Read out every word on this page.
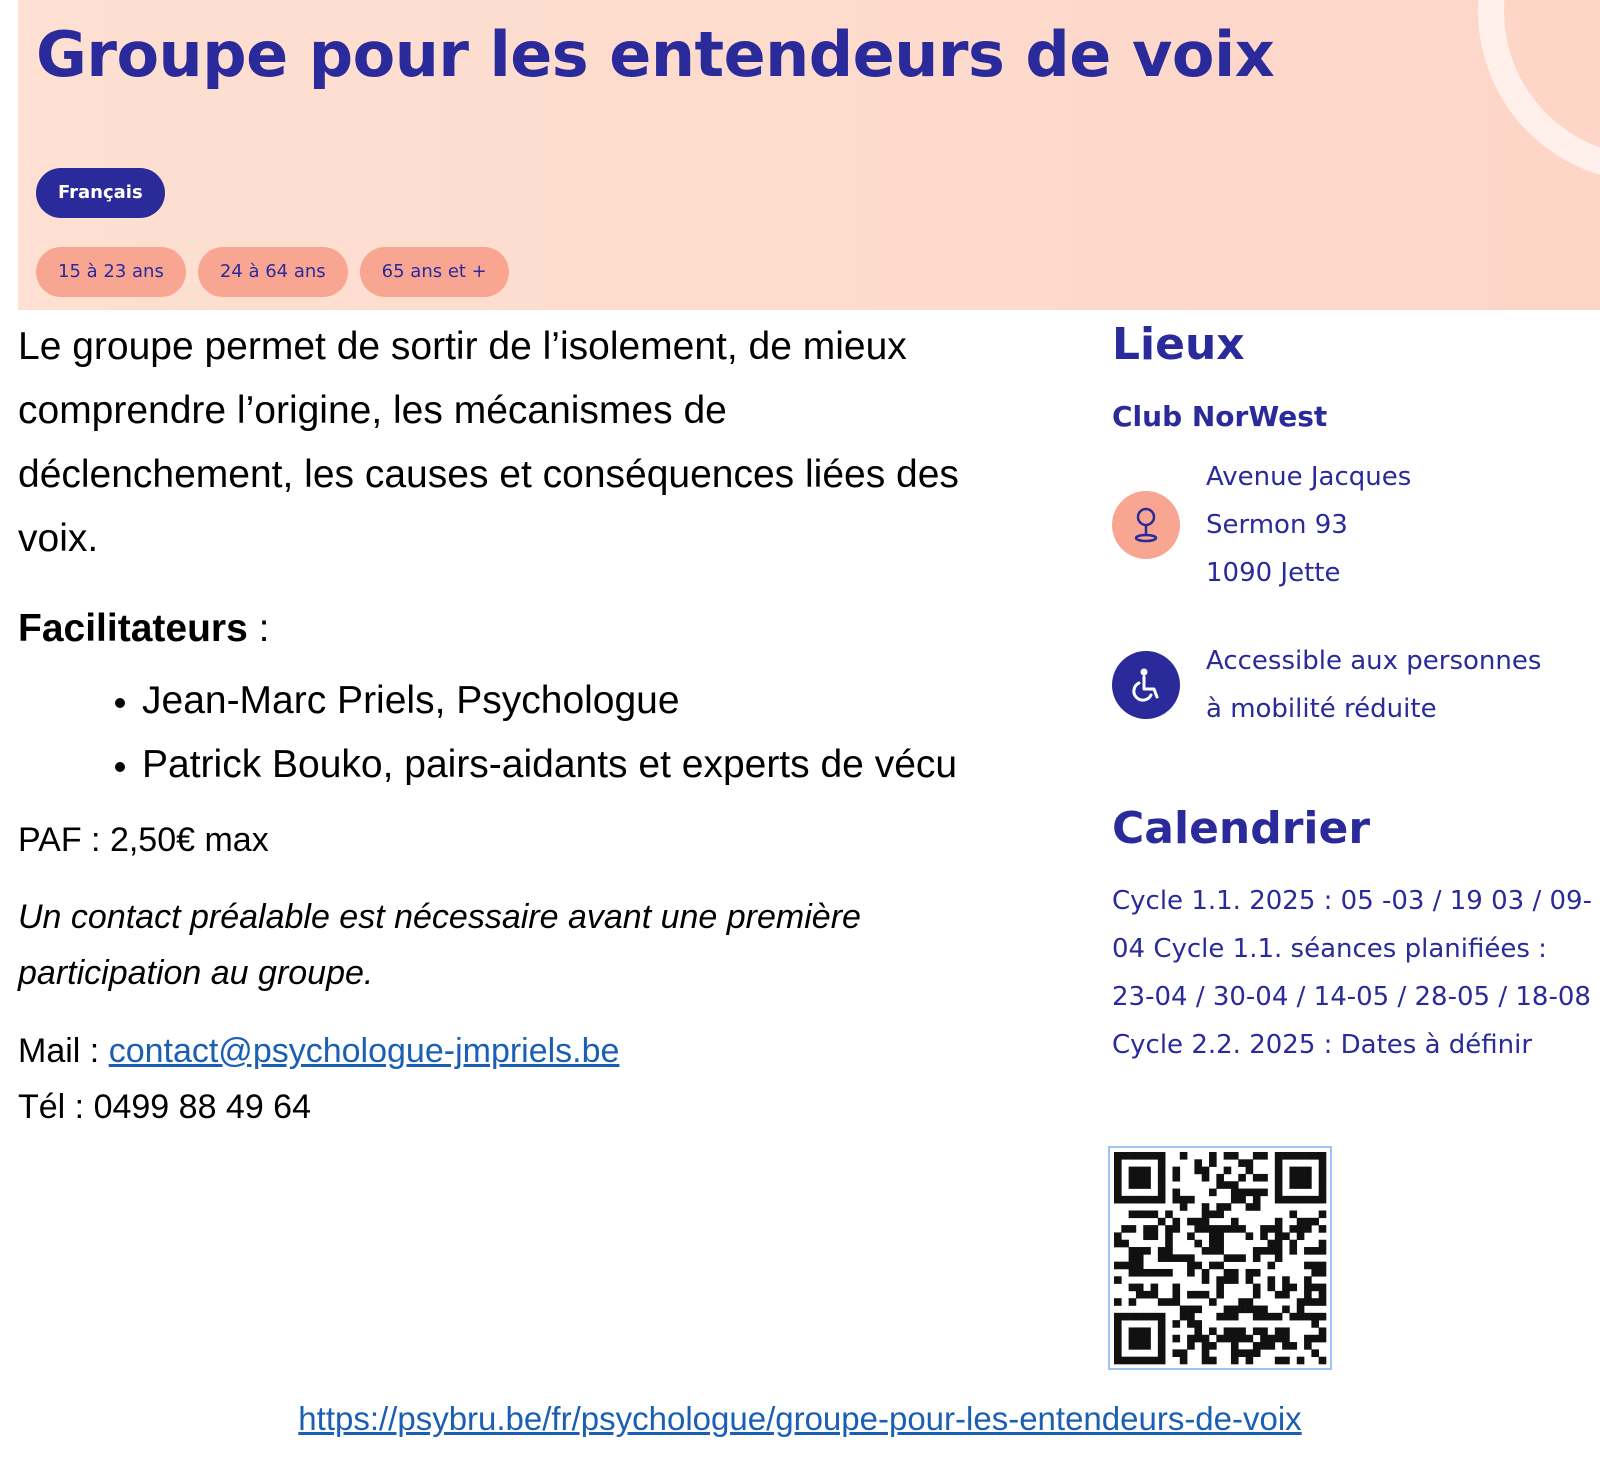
Groupe pour les entendeurs de voix
Français
15 à 23 ans	24 à 64 ans	65 ans et +

Le groupe permet de sortir de l’isolement, de mieux comprendre l’origine, les mécanismes de déclenchement, les causes et conséquences liées des voix.

Facilitateurs :

• Jean-Marc Priels, Psychologue
• Patrick Bouko, pairs-aidants et experts de vécu

PAF : 2,50€ max

Un contact préalable est nécessaire avant une première participation au groupe.

Mail : contact@psychologue-jmpriels.be
Tél : 0499 88 49 64
Lieux
Club NorWest
Avenue Jacques
Sermon 93
1090 Jette
Accessible aux personnes
à mobilité réduite
Calendrier

Cycle 1.1. 2025 : 05 -03 / 19 03 / 09-04 Cycle 1.1. séances planifiées : 23-04 / 30-04 / 14-05 / 28-05 / 18-08 Cycle 2.2. 2025 : Dates à définir

https://psybru.be/fr/psychologue/groupe-pour-les-entendeurs-de-voix
